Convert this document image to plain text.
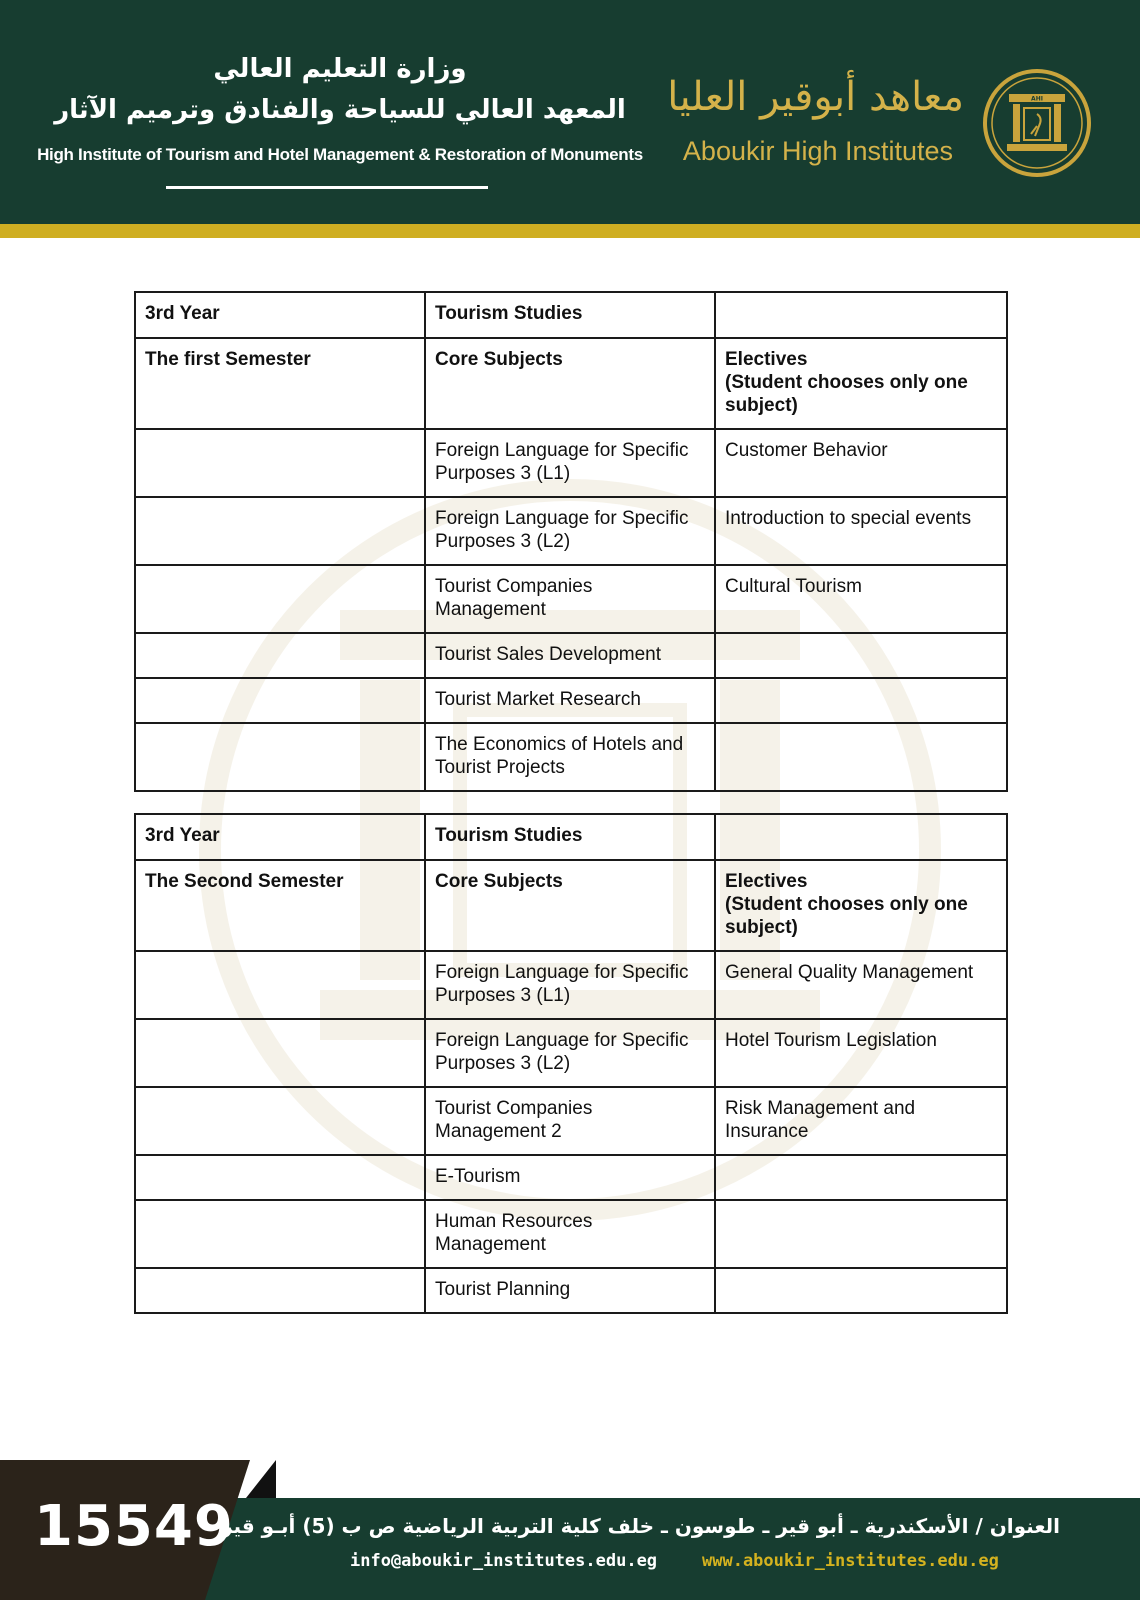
وزارة التعليم العالي
المعهد العالي للسياحة والفنادق وترميم الآثار
High Institute of Tourism and Hotel Management & Restoration of Monuments
معاهد أبوقير العليا
Aboukir High Institutes
AHI
3rd Year	Tourism Studies	
The first Semester	Core Subjects	Electives
(Student chooses only one subject)
	Foreign Language for Specific Purposes 3 (L1)	Customer Behavior
	Foreign Language for Specific Purposes 3 (L2)	Introduction to special events
	Tourist Companies Management	Cultural Tourism
	Tourist Sales Development	
	Tourist Market Research	
	The Economics of Hotels and Tourist Projects	
3rd Year	Tourism Studies	
The Second Semester	Core Subjects	Electives
(Student chooses only one subject)
	Foreign Language for Specific Purposes 3 (L1)	General Quality Management
	Foreign Language for Specific Purposes 3 (L2)	Hotel Tourism Legislation
	Tourist Companies Management 2	Risk Management and Insurance
	E-Tourism	
	Human Resources Management	
	Tourist Planning	
15549
العنوان / الأسكندرية ـ أبو قير ـ طوسون ـ خلف كلية التربية الرياضية ص ب (5) أبـو قير
info@aboukir_institutes.edu.eg	www.aboukir_institutes.edu.eg
